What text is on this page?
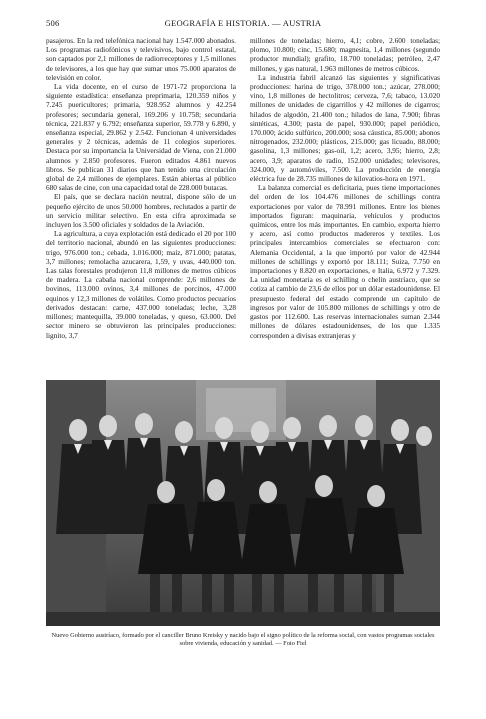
506	GEOGRAFÍA E HISTORIA. — AUSTRIA

pasajeros. En la red telefónica nacional hay 1.547.000 abonados. Los programas radiofónicos y televisivos, bajo control estatal, son captados por 2,1 millones de radiorreceptores y 1,5 millones de televisores, a los que hay que sumar unos 75.000 aparatos de televisión en color.

La vida docente, en el curso de 1971-72 proporciona la siguiente estadística: enseñanza preprimaria, 120.359 niños y 7.245 puericultores; primaria, 928.952 alumnos y 42.254 profesores; secundaria general, 169.206 y 10.758; secundaria técnica, 221.837 y 6.792; enseñanza superior, 59.778 y 6.890, y enseñanza especial, 29.862 y 2.542. Funcionan 4 universidades generales y 2 técnicas, además de 11 colegios superiores. Destaca por su importancia la Universidad de Viena, con 21.000 alumnos y 2.850 profesores. Fueron editados 4.861 nuevos libros. Se publican 31 diarios que han tenido una circulación global de 2,4 millones de ejemplares. Están abiertas al público 680 salas de cine, con una capacidad total de 228.000 butacas.

El país, que se declara nación neutral, dispone sólo de un pequeño ejército de unos 50.000 hombres, reclutados a partir de un servicio militar selectivo. En esta cifra aproximada se incluyen los 3.500 oficiales y soldados de la Aviación.

La agricultura, a cuya explotación está dedicado el 20 por 100 del territorio nacional, abundó en las siguientes producciones: trigo, 976.000 ton.; cebada, 1.016.000; maíz, 871.000; patatas, 3,7 millones; remolacha azucarera, 1,59, y uvas, 440.000 ton. Las talas forestales produjeron 11,8 millones de metros cúbicos de madera. La cabaña nacional comprende: 2,6 millones de bovinos, 113.000 ovinos, 3,4 millones de porcinos, 47.000 equinos y 12,3 millones de volátiles. Como productos pecuarios derivados destacan: carne, 437.000 toneladas; leche, 3,28 millones; mantequilla, 39.000 toneladas, y queso, 63.000. Del sector minero se obtuvieron las principales producciones: lignito, 3,7

millones de toneladas; hierro, 4,1; cobre, 2.600 toneladas; plomo, 10.800; cinc, 15.680; magnesita, 1,4 millones (segundo productor mundial); grafito, 18.700 toneladas; petróleo, 2,47 millones, y gas natural, 1.963 millones de metros cúbicos.

La industria fabril alcanzó las siguientes y significativas producciones: harina de trigo, 378.000 ton.; azúcar, 278.000; vino, 1,8 millones de hectolitros; cerveza, 7,6; tabaco, 13.020 millones de unidades de cigarrillos y 42 millones de cigarros; hilados de algodón, 21.400 ton.; hilados de lana, 7.900; fibras sintéticas, 4.300; pasta de papel, 930.000; papel periódico, 170.000; ácido sulfúrico, 200.000; sosa cáustica, 85.000; abonos nitrogenados, 232.000; plásticos, 215.000; gas licuado, 88.000; gasolina, 1,3 millones; gas-oil, 1,2; acero, 3,95; hierro, 2,8; acero, 3,9; aparatos de radio, 152.000 unidades; televisores, 324.000, y automóviles, 7.500. La producción de energía eléctrica fue de 28.735 millones de kilovatios-hora en 1971.

La balanza comercial es deficitaria, pues tiene importaciones del orden de los 104.476 millones de schillings contra exportaciones por valor de 78.991 millones. Entre los bienes importados figuran: maquinaria, vehículos y productos químicos, entre los más importantes. En cambio, exporta hierro y acero, así como productos madereros y textiles. Los principales intercambios comerciales se efectuaron con: Alemania Occidental, a la que importó por valor de 42.944 millones de schillings y exportó por 18.111; Suiza, 7.750 en importaciones y 8.820 en exportaciones, e Italia, 6.972 y 7.329. La unidad monetaria es el schilling o chelín austríaco, que se cotiza al cambio de 23,6 de ellos por un dólar estadounidense. El presupuesto federal del estado comprende un capítulo de ingresos por valor de 105.800 millones de schillings y otro de gastos por 112.600. Las reservas internacionales suman 2.344 millones de dólares estadounidenses, de los que 1.335 corresponden a divisas extranjeras y

Nuevo Gobierno austríaco, formado por el canciller Bruno Kreisky y nacido bajo el signo político de la reforma social, con vastos programas sociales sobre vivienda, educación y sanidad. — Foto Fiel
